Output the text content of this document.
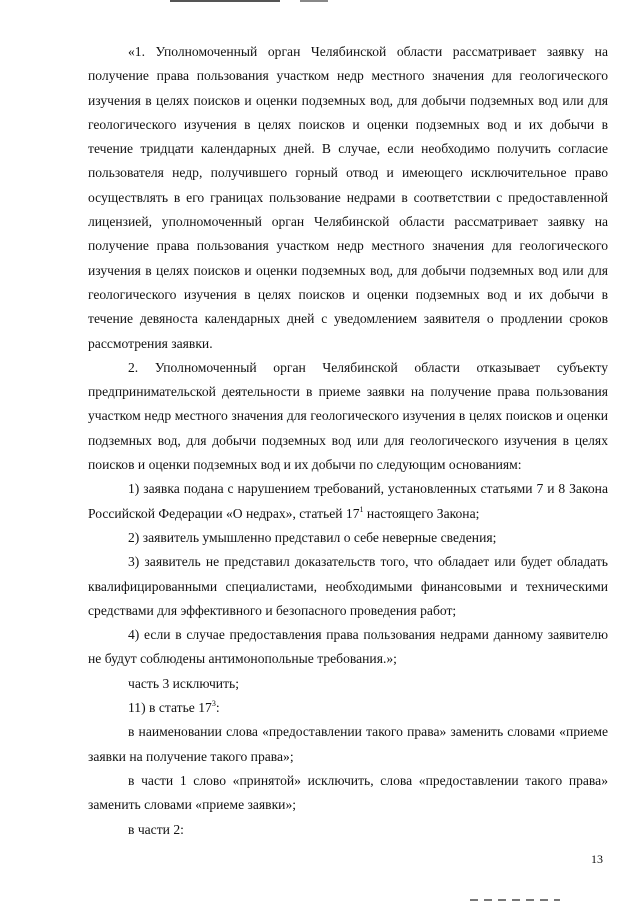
«1. Уполномоченный орган Челябинской области рассматривает заявку на получение права пользования участком недр местного значения для геологического изучения в целях поисков и оценки подземных вод, для добычи подземных вод или для геологического изучения в целях поисков и оценки подземных вод и их добычи в течение тридцати календарных дней. В случае, если необходимо получить согласие пользователя недр, получившего горный отвод и имеющего исключительное право осуществлять в его границах пользование недрами в соответствии с предоставленной лицензией, уполномоченный орган Челябинской области рассматривает заявку на получение права пользования участком недр местного значения для геологического изучения в целях поисков и оценки подземных вод, для добычи подземных вод или для геологического изучения в целях поисков и оценки подземных вод и их добычи в течение девяноста календарных дней с уведомлением заявителя о продлении сроков рассмотрения заявки.

2. Уполномоченный орган Челябинской области отказывает субъекту предпринимательской деятельности в приеме заявки на получение права пользования участком недр местного значения для геологического изучения в целях поисков и оценки подземных вод, для добычи подземных вод или для геологического изучения в целях поисков и оценки подземных вод и их добычи по следующим основаниям:

1) заявка подана с нарушением требований, установленных статьями 7 и 8 Закона Российской Федерации «О недрах», статьей $17^1$ настоящего Закона;

2) заявитель умышленно представил о себе неверные сведения;

3) заявитель не представил доказательств того, что обладает или будет обладать квалифицированными специалистами, необходимыми финансовыми и техническими средствами для эффективного и безопасного проведения работ;

4) если в случае предоставления права пользования недрами данному заявителю не будут соблюдены антимонопольные требования.»;

часть 3 исключить;

11) в статье $17^3$:

в наименовании слова «предоставлении такого права» заменить словами «приеме заявки на получение такого права»;

в части 1 слово «принятой» исключить, слова «предоставлении такого права» заменить словами «приеме заявки»;

в части 2:

13
